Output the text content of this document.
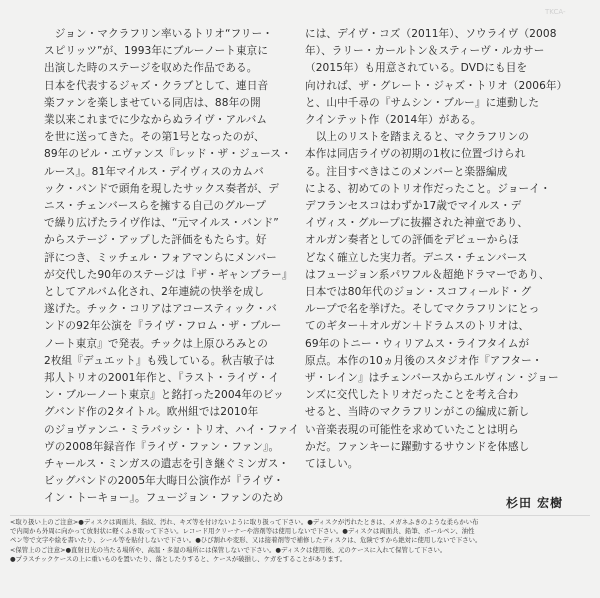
TKCA-

　ジョン・マクラフリン率いるトリオ“フリー・

スピリッツ”が、1993年にブルーノート東京に

出演した時のステージを収めた作品である。

日本を代表するジャズ・クラブとして、連日音

楽ファンを楽しませている同店は、88年の開

業以来これまでに少なからぬライヴ・アルバム

を世に送ってきた。その第1号となったのが、

89年のビル・エヴァンス『レッド・ザ・ジュース・

ルース』。81年マイルス・デイヴィスのカムバ

ック・バンドで頭角を現したサックス奏者が、デ

ニス・チェンバースらを擁する自己のグループ

で繰り広げたライヴ作は、“元マイルス・バンド”

からステージ・アップした評価をもたらす。好

評につき、ミッチェル・フォアマンらにメンバー

が交代した90年のステージは『ザ・ギャンブラー』

としてアルバム化され、2年連続の快挙を成し

遂げた。チック・コリアはアコースティック・バ

ンドの92年公演を『ライヴ・フロム・ザ・ブルー

ノート東京』で発表。チックは上原ひろみとの

2枚組『デュエット』も残している。秋吉敏子は

邦人トリオの2001年作と、『ラスト・ライヴ・イ

ン・ブルーノート東京』と銘打った2004年のビッ

グバンド作の2タイトル。欧州組では2010年

のジョヴァンニ・ミラバッシ・トリオ、ハイ・ファイ

ヴの2008年録音作『ライヴ・ファン・ファン』。

チャールス・ミンガスの遺志を引き継ぐミンガス・

ビッグバンドの2005年大晦日公演作が『ライヴ・

イン・トーキョー』。フュージョン・ファンのため

には、デイヴ・コズ（2011年）、ソウライヴ（2008

年）、ラリー・カールトン＆スティーヴ・ルカサー

（2015年）も用意されている。DVDにも目を

向ければ、ザ・グレート・ジャズ・トリオ（2006年）

と、山中千尋の『サムシン・ブルー』に連動した

クインテット作（2014年）がある。

　以上のリストを踏まえると、マクラフリンの

本作は同店ライヴの初期の1枚に位置づけられ

る。注目すべきはこのメンバーと楽器編成

による、初めてのトリオ作だったこと。ジョーイ・

デフランセスコはわずか17歳でマイルス・デ

イヴィス・グループに抜擢された神童であり、

オルガン奏者としての評価をデビューからほ

どなく確立した実力者。デニス・チェンバース

はフュージョン系パワフル＆超絶ドラマーであり、

日本では80年代のジョン・スコフィールド・グ

ループで名を挙げた。そしてマクラフリンにとっ

てのギター＋オルガン＋ドラムスのトリオは、

69年のトニー・ウィリアムス・ライフタイムが

原点。本作の10ヵ月後のスタジオ作『アフター・

ザ・レイン』はチェンバースからエルヴィン・ジョー

ンズに交代したトリオだったことを考え合わ

せると、当時のマクラフリンがこの編成に新し

い音楽表現の可能性を求めていたことは明ら

かだ。ファンキーに躍動するサウンドを体感し

てほしい。

杉田 宏樹

<取り扱い上のご注意>●ディスクは両面共、指紋、汚れ、キズ等を付けないように取り扱って下さい。●ディスクが汚れたときは、メガネふきのような柔らかい布

で内周から外周に向かって放射状に軽くふき取って下さい。レコード用クリーナーや溶剤等は使用しないで下さい。●ディスクは両面共、鉛筆、ボールペン、油性

ペン等で文字や絵を書いたり、シール等を貼付しないで下さい。●ひび割れや変形、又は接着剤等で補修したディスクは、危険ですから絶対に使用しないで下さい。

<保管上のご注意>●直射日光の当たる場所や、高温・多湿の場所には保管しないで下さい。●ディスクは使用後、元のケースに入れて保管して下さい。

●プラスチックケースの上に重いものを置いたり、落としたりすると、ケースが破損し、ケガをすることがあります。
